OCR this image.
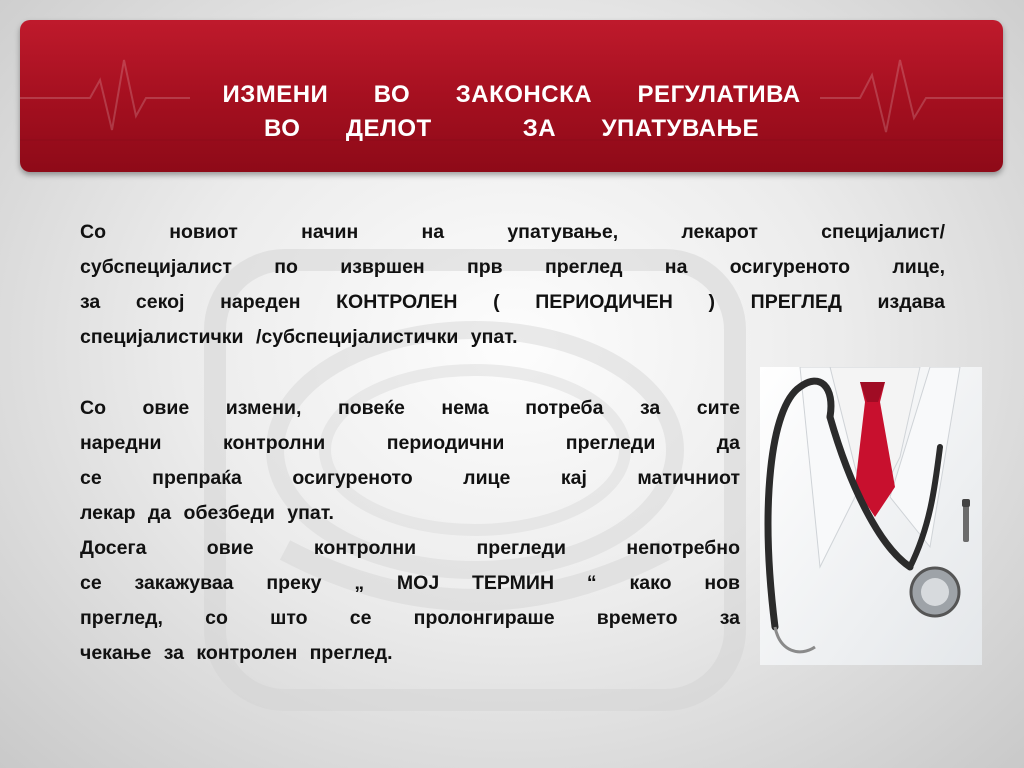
ИЗМЕНИ   ВО   ЗАКОНСКА   РЕГУЛАТИВА
ВО   ДЕЛОТ      ЗА   УПАТУВАЊЕ
Со новиот начин на упатување, лекарот специјалист/
субспецијалист по извршен прв преглед на осигуреното лице,
за секој нареден КОНТРОЛЕН ( ПЕРИОДИЧЕН ) ПРЕГЛЕД издава
специјалистички /субспецијалистички упат.
Со овие измени, повеќе нема потреба за сите
наредни контролни периодични прегледи да
се препраќа осигуреното лице кај матичниот
лекар да обезбеди упат.
Досега овие контролни прегледи непотребно
се закажуваа преку „ МОЈ ТЕРМИН “ како нов
преглед, со што се пролонгираше времето за
чекање за контролен преглед.
